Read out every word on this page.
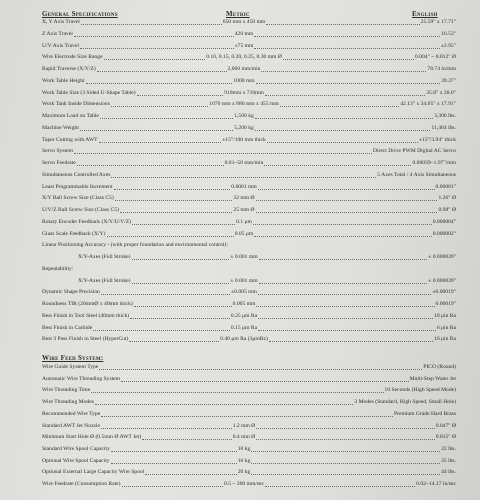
General Specifications	Metric	English
X, Y Axis Travel	650 mm x 450 mm	25.59" x 17.71"
Z Axis Travel	420 mm	16.53"
U/V Axis Travel	±75 mm	±2.95"
Wire Electrode Size Range	0.10, 0.15, 0.20, 0.25, 0.30 mm Ø	0.004" ~ 0.012" Ø
Rapid Traverse (X/Y/Z)	2,000 mm/min	78.74 in/min
Work Table Height	1000 mm	39.37"
Work Table Size (3 Sided U-Shape Table)	910mm x 710mm	35.8" x 28.0"
Work Tank Inside Dimensions	1070 mm x 880 mm x 455 mm	42.13" x 34.65" x 17.91"
Maximum Load on Table	1,500 kg	3,306 lbs.
Machine Weight	5,200 kg	11,464 lbs.
Taper Cutting with AWT	±15°/100 mm thick	±15°/3.94" thick
Servo System	Direct Drive PWM Digital AC Servo
Servo Feedrate	0.01~50 mm/min	0.00039~1.97"/min
Simultaneous Controlled Axes	5 Axes Total / 4 Axis Simultaneous
Least Programmable Increment	0.0001 mm	0.00001"
X/Y Ball Screw Size (Class C5)	32 mm Ø	1.26" Ø
U/V/Z Ball Screw Size (Class C5)	25 mm Ø	0.98" Ø
Rotary Encoder Feedback (X/Y/U/V/Z)	0.1 μm	0.000004"
Glass Scale Feedback (X/Y)	0.05 μm	0.000002"
Linear Positioning Accuracy - (with proper foundation and environmental control):
X/Y-Axes (Full Stroke)	± 0.001 mm	± 0.000039"
Repeatability:
X/Y-Axes (Full Stroke)	± 0.001 mm	± 0.000039"
Dynamic Shape Precision	±0.005 mm	±0.00019"
Roundness TIR (20mmØ x 40mm thick)	0.005 mm	0.00019"
Best Finish in Tool Steel (40mm thick)	0.25 μm Ra	10 μin Ra
Best Finish in Carbide	0.15 μm Ra	6 μin Ra
Best 3 Pass Finish in Steel (HyperCut)	0.40 μm Ra (3μmRz)	16 μin Ra
Wire Feed System:
Wire Guide System Type	PICO (Round)
Automatic Wire Threading System	Multi-Step Water Jet
Wire Threading Time	10 Seconds (High Speed Mode)
Wire Threading Modes	3 Modes (Standard, High Speed, Small Hole)
Recommended Wire Type	Premium Grade Hard Brass
Standard AWT Jet Nozzle	1.2 mm Ø	0.047" Ø
Minimum Start Hole Ø (0.5mm Ø AWT Jet)	0.4 mm Ø	0.015" Ø
Standard Wire Spool Capacity	10 kg	22 lbs.
Optional Wire Spool Capacity	16 kg	35 lbs.
Optional External Large Capacity Wire Spool	20 kg	44 lbs.
Wire Feedrate (Consumption Rate)	0.5 ~ 360 mm/sec	0.02~14.17 in/sec
